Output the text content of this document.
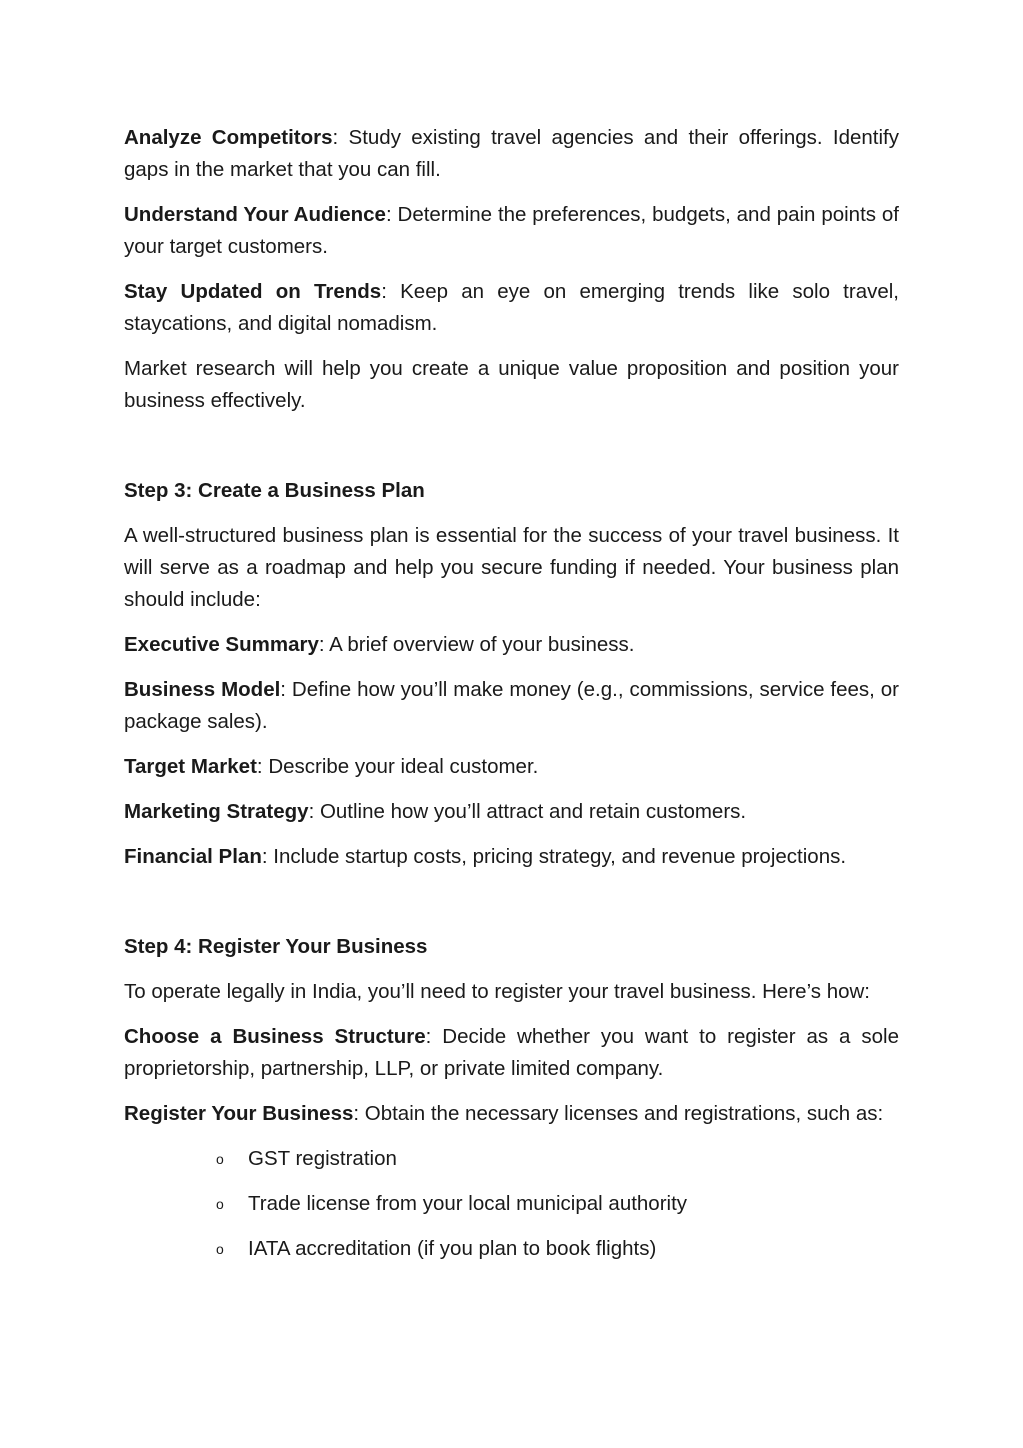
Analyze Competitors: Study existing travel agencies and their offerings. Identify gaps in the market that you can fill.

Understand Your Audience: Determine the preferences, budgets, and pain points of your target customers.

Stay Updated on Trends: Keep an eye on emerging trends like solo travel, staycations, and digital nomadism.

Market research will help you create a unique value proposition and position your business effectively.

Step 3: Create a Business Plan

A well-structured business plan is essential for the success of your travel business. It will serve as a roadmap and help you secure funding if needed. Your business plan should include:

Executive Summary: A brief overview of your business.

Business Model: Define how you’ll make money (e.g., commissions, service fees, or package sales).

Target Market: Describe your ideal customer.

Marketing Strategy: Outline how you’ll attract and retain customers.

Financial Plan: Include startup costs, pricing strategy, and revenue projections.

Step 4: Register Your Business

To operate legally in India, you’ll need to register your travel business. Here’s how:

Choose a Business Structure: Decide whether you want to register as a sole proprietorship, partnership, LLP, or private limited company.

Register Your Business: Obtain the necessary licenses and registrations, such as:

o GST registration
o Trade license from your local municipal authority
o IATA accreditation (if you plan to book flights)
